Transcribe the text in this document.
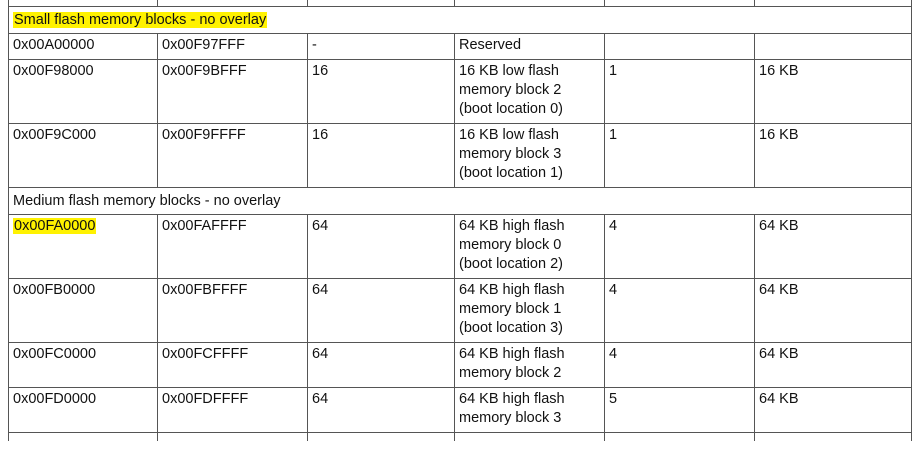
Small flash memory blocks - no overlay					
0x00A00000	0x00F97FFF	-	Reserved		

0x00F98000	0x00F9BFFF	16	16 KB low flash
memory block 2
(boot location 0)	1	16 KB
0x00F9C000	0x00F9FFFF	16	16 KB low flash
memory block 3
(boot location 1)	1	16 KB
Medium flash memory blocks - no overlay					
0x00FA0000	0x00FAFFFF	64	64 KB high flash
memory block 0
(boot location 2)	4	64 KB
0x00FB0000	0x00FBFFFF	64	64 KB high flash
memory block 1
(boot location 3)	4	64 KB
0x00FC0000	0x00FCFFFF	64	64 KB high flash
memory block 2	4	64 KB
0x00FD0000	0x00FDFFFF	64	64 KB high flash
memory block 3	5	64 KB
